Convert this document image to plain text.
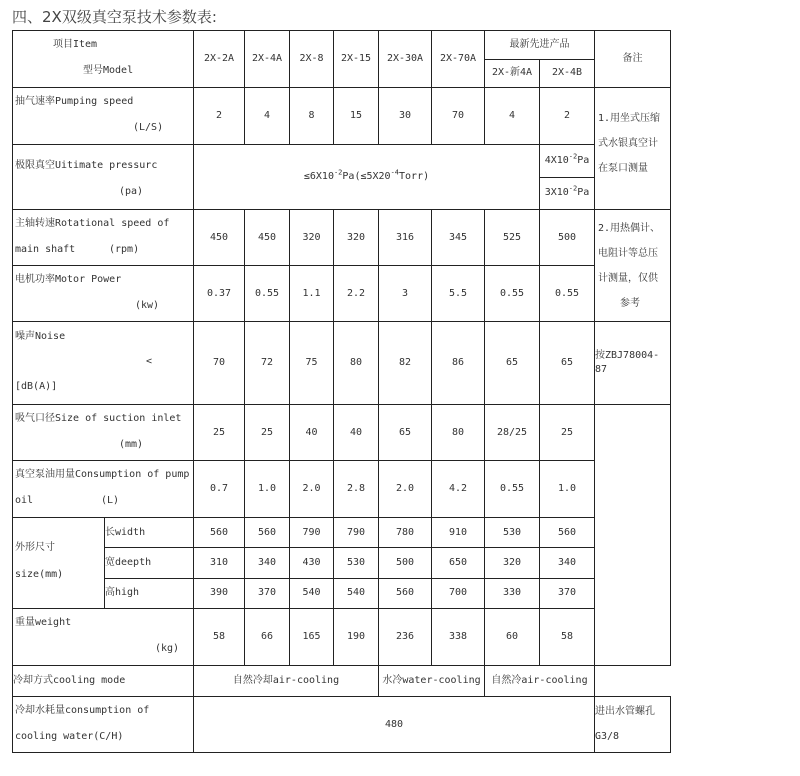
四、2X双级真空泵技术参数表:
项目Item
型号Model		2X-2A	2X-4A	2X-8	2X-15	2X-30A	2X-70A	最新先进产品		备注
								2X-新4A	2X-4B	

抽气速率Pumping speed
(L/S)		2	4	8	15	30	70	4	2	1.用坐式压缩
式水银真空计
在泵口测量

极限真空Uitimate pressurc
(pa)		$\le 6X10^{-2}Pa(\le 5X20^{-4}Torr)$							$4X10^{-2}Pa$	
									$3X10^{-2}Pa$	

主轴转速Rotational speed of
main shaft (rpm)		450	450	320	320	316	345	525	500	2.用热偶计、
电阻计等总压
计测量，仅供
参考

电机功率Motor Power
(kw)		0.37	0.55	1.1	2.2	3	5.5	0.55	0.55	

噪声Noise
<
[dB(A)]		70	72	75	80	82	86	65	65	按ZBJ78004-87

吸气口径Size of suction inlet
(mm)		25	25	40	40	65	80	28/25	25	

真空泵油用量Consumption of pump
oil (L)		0.7	1.0	2.0	2.8	2.0	4.2	0.55	1.0	

外形尺寸
size(mm)	长width	560	560	790	790	780	910	530	560	
	宽deepth	310	340	430	530	500	650	320	340	
	高high	390	370	540	540	560	700	330	370	

重量weight
(kg)		58	66	165	190	236	338	60	58	
冷却方式cooling mode		自然冷却air-cooling				水冷water-cooling		自然冷air-cooling		

冷却水耗量consumption of
cooling water(C/H)		480								进出水管螺孔
G3/8
